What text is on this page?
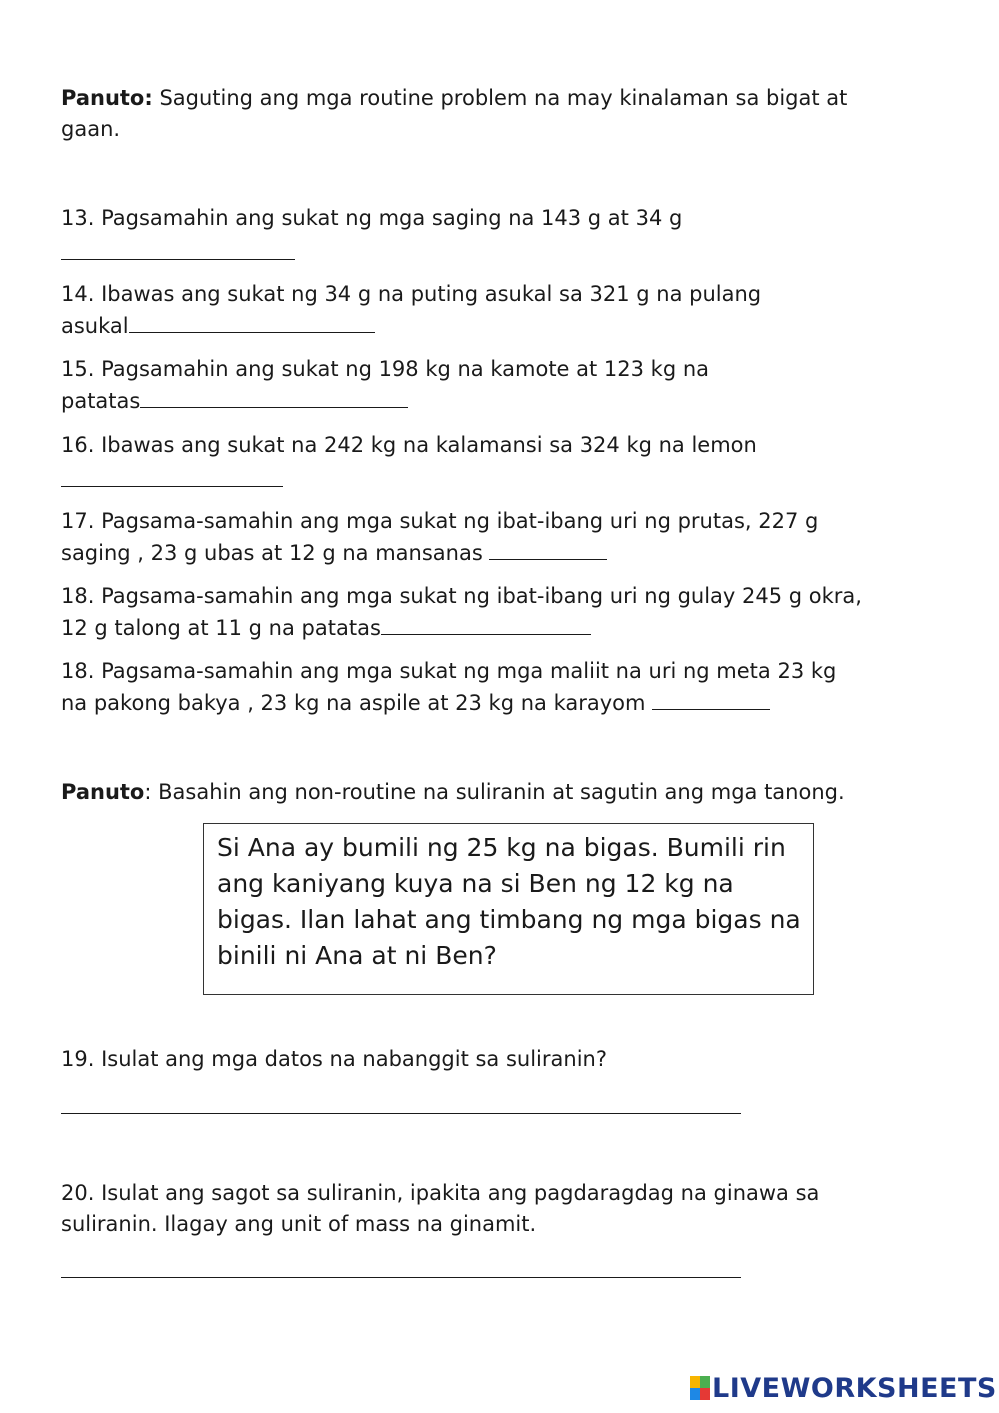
Panuto: Saguting ang mga routine problem na may kinalaman sa bigat at
gaan.
13. Pagsamahin ang sukat ng mga saging na 143 g at 34 g
14. Ibawas ang sukat ng 34 g na puting asukal sa 321 g na pulang
asukal
15. Pagsamahin ang sukat ng 198 kg na kamote at 123 kg na
patatas
16. Ibawas ang sukat na 242 kg na kalamansi sa 324 kg na lemon
17. Pagsama-samahin ang mga sukat ng ibat-ibang uri ng prutas, 227 g
saging , 23 g ubas at 12 g na mansanas
18. Pagsama-samahin ang mga sukat ng ibat-ibang uri ng gulay 245 g okra,
12 g talong at 11 g na patatas
18. Pagsama-samahin ang mga sukat ng mga maliit na uri ng meta 23 kg
na pakong bakya , 23 kg na aspile at 23 kg na karayom
Panuto: Basahin ang non-routine na suliranin at sagutin ang mga tanong.
Si Ana ay bumili ng 25 kg na bigas. Bumili rin ang kaniyang kuya na si Ben ng 12 kg na bigas. Ilan lahat ang timbang ng mga bigas na binili ni Ana at ni Ben?
19. Isulat ang mga datos na nabanggit sa suliranin?
20. Isulat ang sagot sa suliranin, ipakita ang pagdaragdag na ginawa sa
suliranin. Ilagay ang unit of mass na ginamit.
LIVEWORKSHEETS
